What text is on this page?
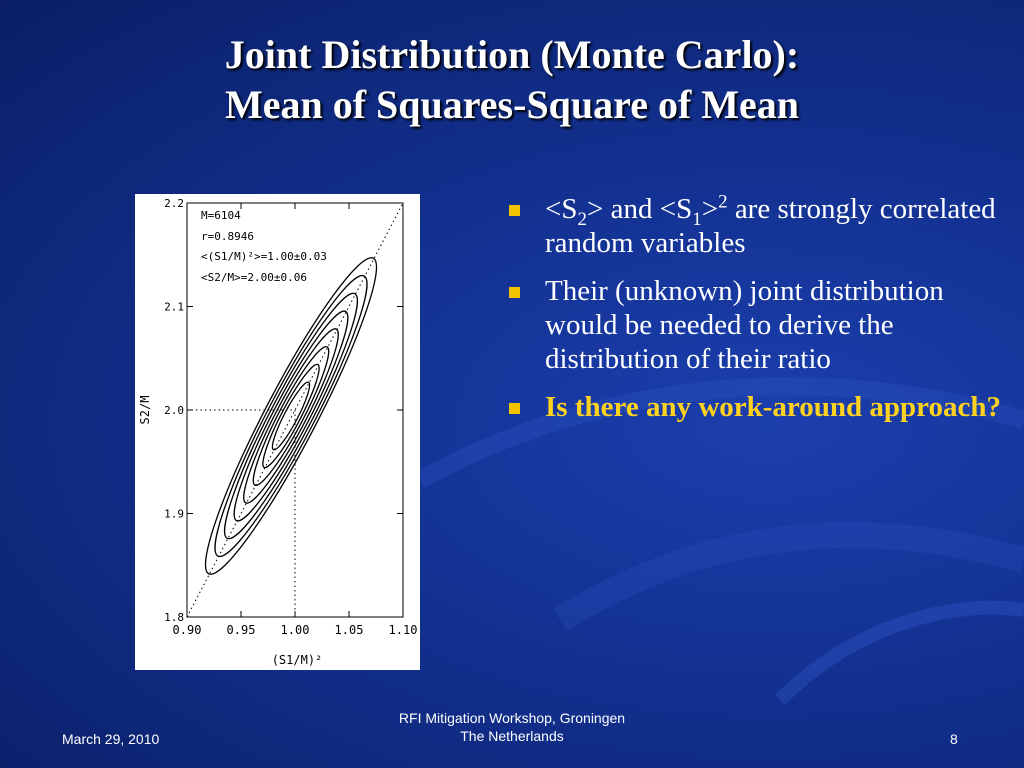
Joint Distribution (Monte Carlo):
Mean of Squares-Square of Mean
0.90 0.95 1.00 1.05 1.10
1.8
1.9
2.0
2.1
2.2
M=6104
r=0.8946
<(S1/M)²>=1.00±0.03
<S2/M>=2.00±0.06
(S1/M)²
S2/M
$<S_2>$ and $<S_1>^2$ are strongly correlated random variables
Their (unknown) joint distribution would be needed to derive the distribution of their ratio
Is there any work-around approach?
March 29, 2010
RFI Mitigation Workshop, Groningen
The Netherlands	8
